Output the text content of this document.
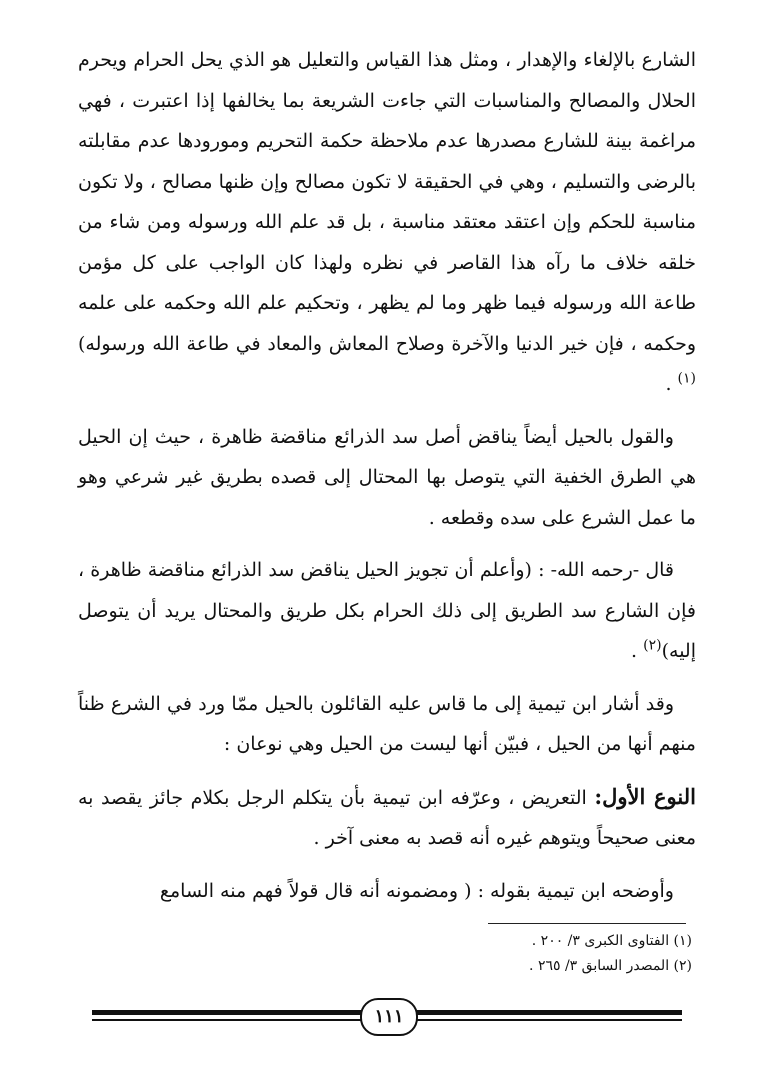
الشارع بالإلغاء والإهدار ، ومثل هذا القياس والتعليل هو الذي يحل الحرام ويحرم الحلال والمصالح والمناسبات التي جاءت الشريعة بما يخالفها إذا اعتبرت ، فهي مراغمة بينة للشارع مصدرها عدم ملاحظة حكمة التحريم ومورودها عدم مقابلته بالرضى والتسليم ، وهي في الحقيقة لا تكون مصالح وإن ظنها مصالح ، ولا تكون مناسبة للحكم وإن اعتقد معتقد مناسبة ، بل قد علم الله ورسوله ومن شاء من خلقه خلاف ما رآه هذا القاصر في نظره ولهذا كان الواجب على كل مؤمن طاعة الله ورسوله فيما ظهر وما لم يظهر ، وتحكيم علم الله وحكمه على علمه وحكمه ، فإن خير الدنيا والآخرة وصلاح المعاش والمعاد في طاعة الله ورسوله)$^{(١)}$ .

والقول بالحيل أيضاً يناقض أصل سد الذرائع مناقضة ظاهرة ، حيث إن الحيل هي الطرق الخفية التي يتوصل بها المحتال إلى قصده بطريق غير شرعي وهو ما عمل الشرع على سده وقطعه .

قال -رحمه الله- : (وأعلم أن تجويز الحيل يناقض سد الذرائع مناقضة ظاهرة ، فإن الشارع سد الطريق إلى ذلك الحرام بكل طريق والمحتال يريد أن يتوصل إليه)$^{(٢)}$ .

وقد أشار ابن تيمية إلى ما قاس عليه القائلون بالحيل ممّا ورد في الشرع ظناً منهم أنها من الحيل ، فبيّن أنها ليست من الحيل وهي نوعان :

النوع الأول: التعريض ، وعرّفه ابن تيمية بأن يتكلم الرجل بكلام جائز يقصد به معنى صحيحاً ويتوهم غيره أنه قصد به معنى آخر .

وأوضحه ابن تيمية بقوله : ( ومضمونه أنه قال قولاً فهم منه السامع

(١) الفتاوى الكبرى ٣/ ٢٠٠ .

(٢) المصدر السابق ٣/ ٢٦٥ .

١١١
